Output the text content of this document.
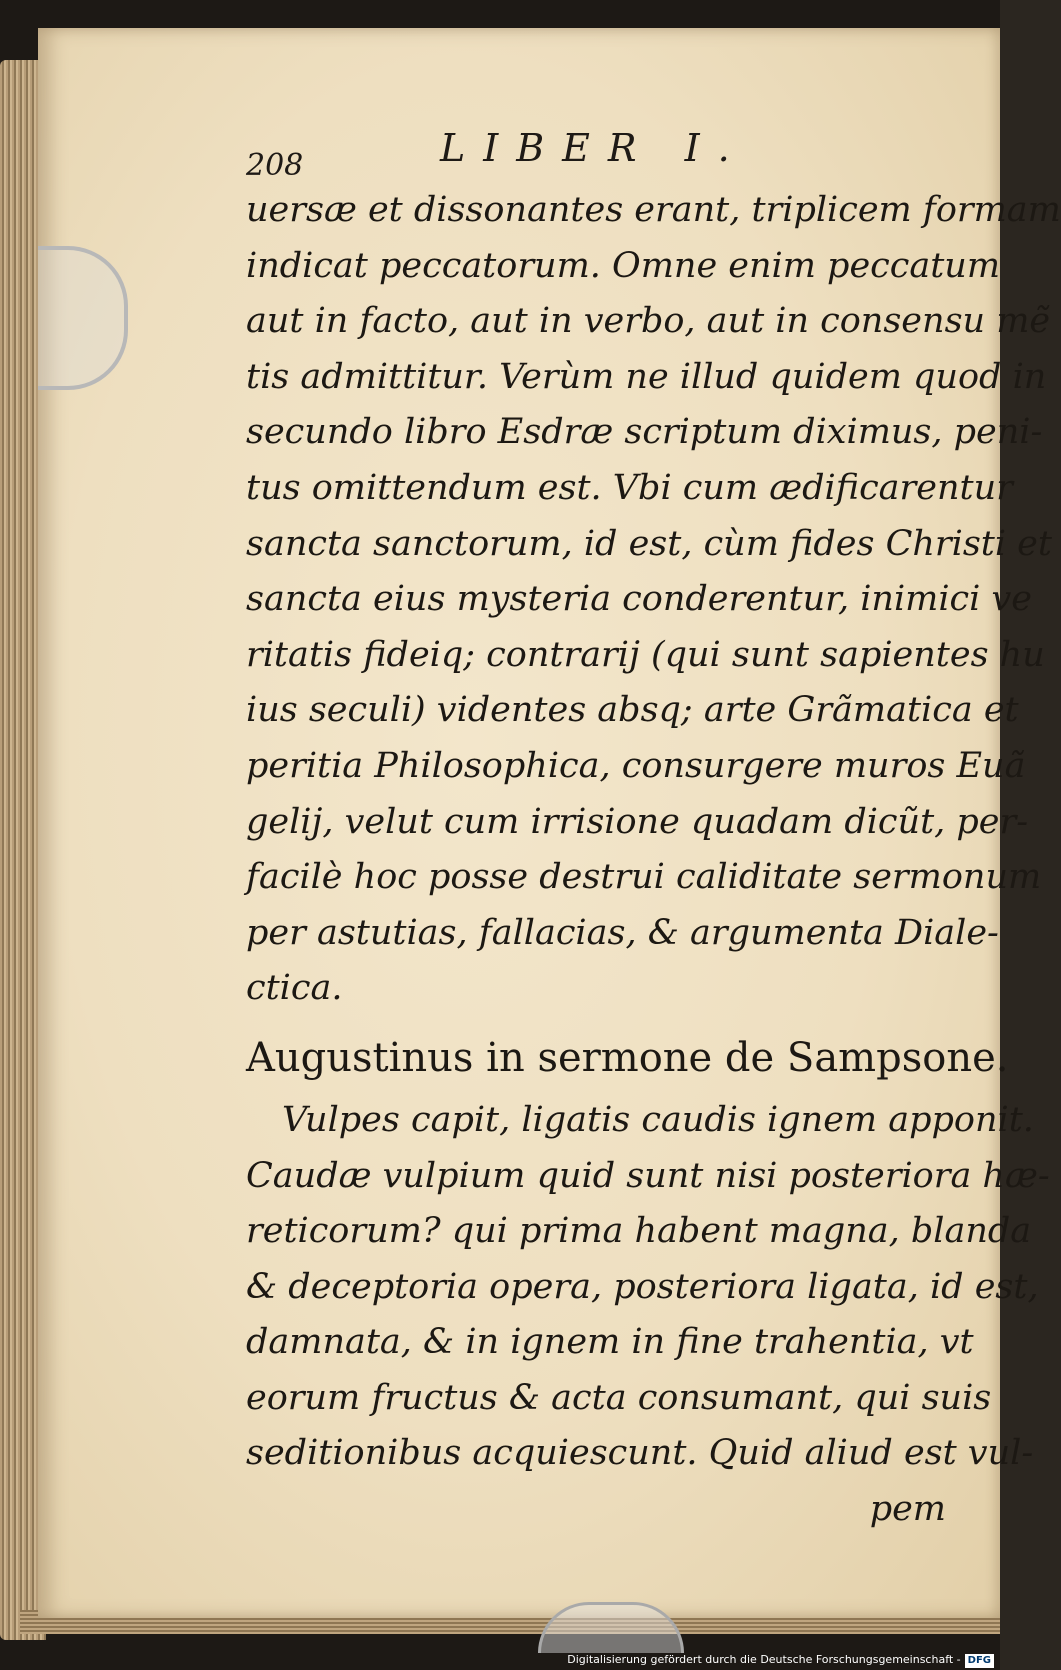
208	LIBER I.
uersæ et dissonantes erant, triplicem formam
indicat peccatorum. Omne enim peccatum
aut in facto, aut in verbo, aut in consensu mẽ
tis admittitur. Verùm ne illud quidem quod in
secundo libro Esdræ scriptum diximus, peni-
tus omittendum est. Vbi cum ædificarentur
sancta sanctorum, id est, cùm fides Christi et
sancta eius mysteria conderentur, inimici ve
ritatis fideiq; contrarij (qui sunt sapientes hu
ius seculi) videntes absq; arte Grãmatica et
peritia Philosophica, consurgere muros Euã
gelij, velut cum irrisione quadam dicũt, per-
facilè hoc posse destrui caliditate sermonum
per astutias, fallacias, & argumenta Diale-
ctica.
Augustinus in sermone de Sampsone.
Vulpes capit, ligatis caudis ignem apponit.
Caudæ vulpium quid sunt nisi posteriora hæ-
reticorum? qui prima habent magna, blanda
& deceptoria opera, posteriora ligata, id est,
damnata, & in ignem in fine trahentia, vt
eorum fructus & acta consumant, qui suis
seditionibus acquiescunt. Quid aliud est vul-
pem
Digitalisierung gefördert durch die Deutsche Forschungsgemeinschaft - DFG
